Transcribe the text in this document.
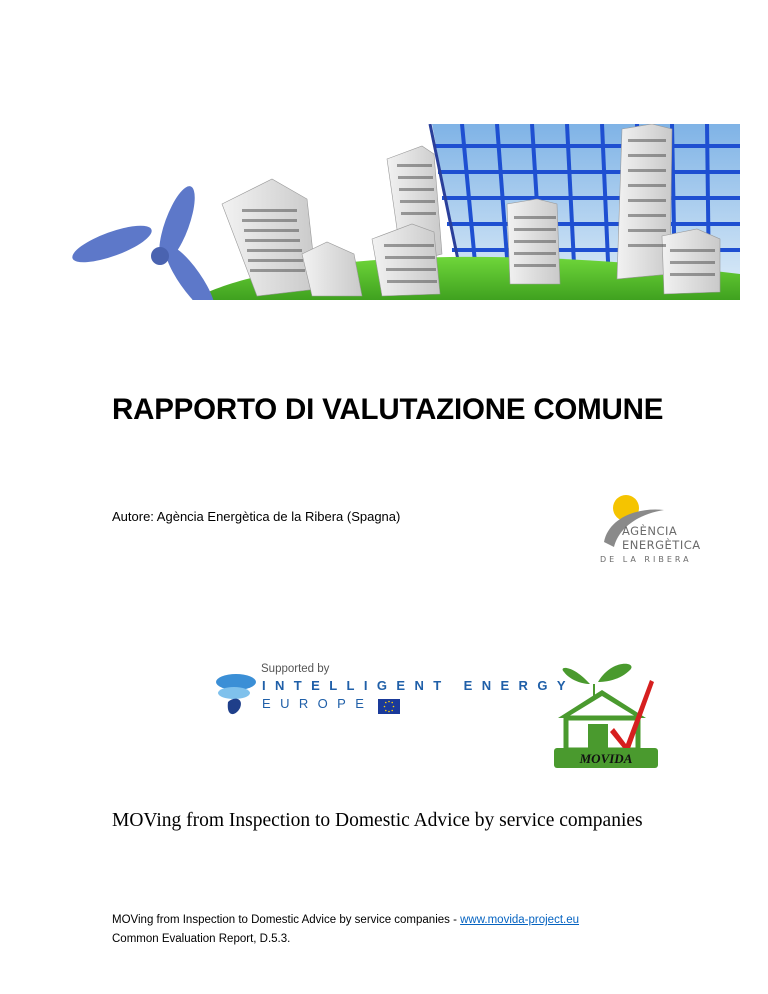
RAPPORTO DI VALUTAZIONE COMUNE
Autore: Agència Energètica de la Ribera (Spagna)
AGÈNCIA
ENERGÈTICA
DE LA RIBERA
Supported by
INTELLIGENT ENERGY
EUROPE
MOVIDA
MOVing from Inspection to Domestic Advice by service companies
MOVing from Inspection to Domestic Advice by service companies - www.movida-project.eu
Common Evaluation Report, D.5.3.
